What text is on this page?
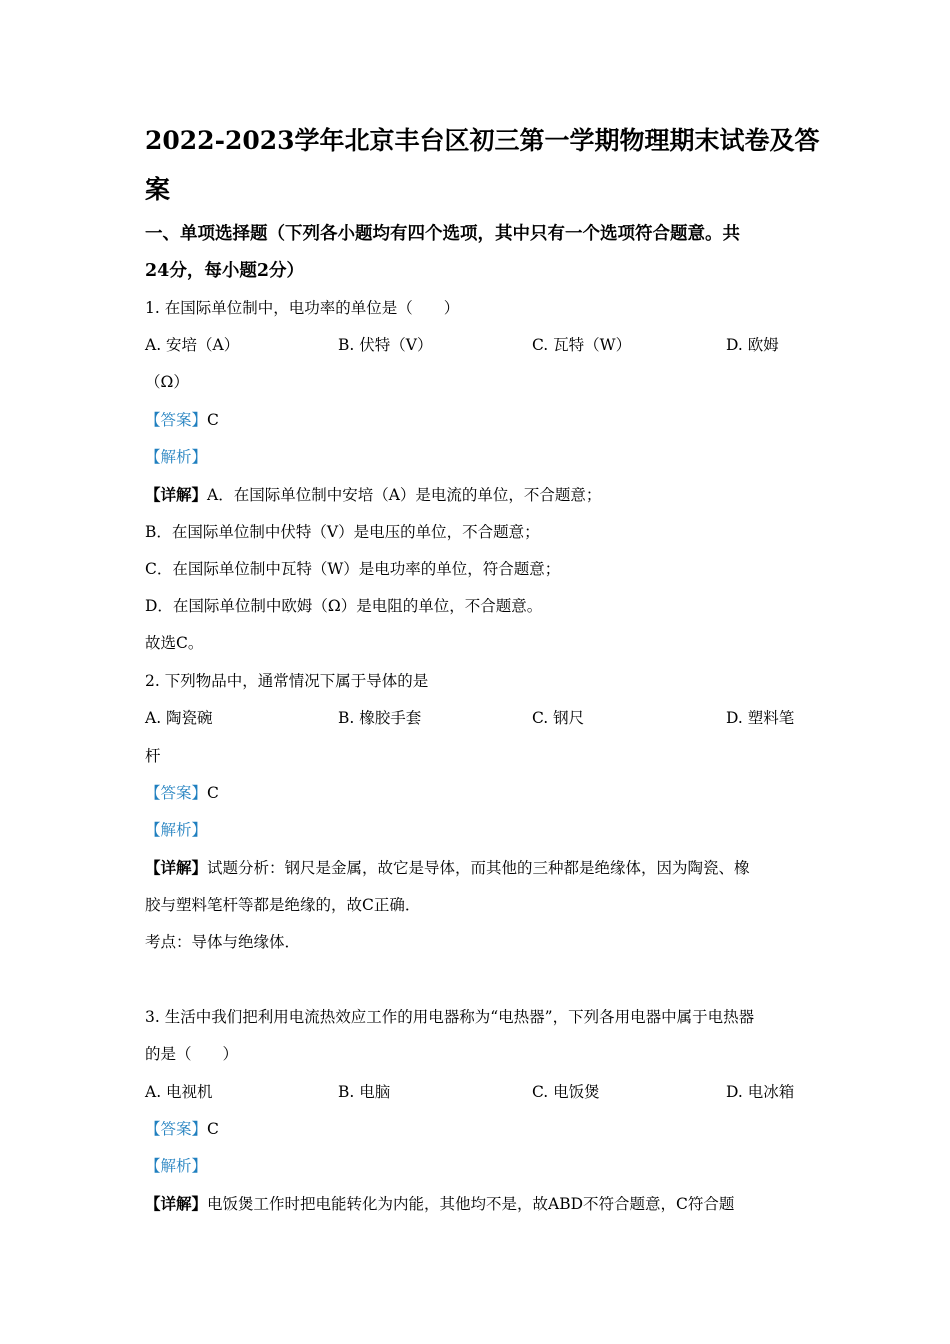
2022-2023学年北京丰台区初三第一学期物理期末试卷及答
案
一、单项选择题（下列各小题均有四个选项，其中只有一个选项符合题意。共
24分，每小题2分）
1. 在国际单位制中，电功率的单位是（　　）
A. 安培（A）	B. 伏特（V）	C. 瓦特（W）	D. 欧姆
（Ω）
【答案】C
【解析】
【详解】A．在国际单位制中安培（A）是电流的单位，不合题意；
B．在国际单位制中伏特（V）是电压的单位，不合题意；
C．在国际单位制中瓦特（W）是电功率的单位，符合题意；
D．在国际单位制中欧姆（Ω）是电阻的单位，不合题意。
故选C。
2. 下列物品中，通常情况下属于导体的是
A. 陶瓷碗	B. 橡胶手套	C. 钢尺	D. 塑料笔
杆
【答案】C
【解析】
【详解】试题分析：钢尺是金属，故它是导体，而其他的三种都是绝缘体，因为陶瓷、橡
胶与塑料笔杆等都是绝缘的，故C正确．
考点：导体与绝缘体．
3. 生活中我们把利用电流热效应工作的用电器称为“电热器”，下列各用电器中属于电热器
的是（　　）
A. 电视机	B. 电脑	C. 电饭煲	D. 电冰箱
【答案】C
【解析】
【详解】电饭煲工作时把电能转化为内能，其他均不是，故ABD不符合题意，C符合题
